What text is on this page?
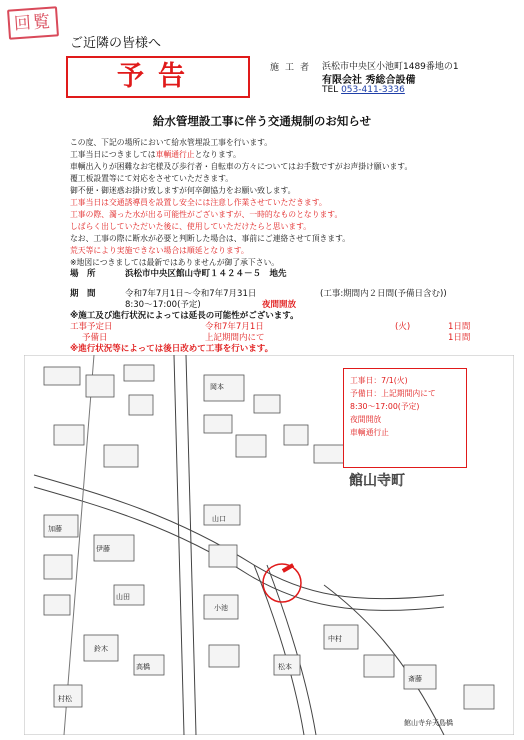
回覧
ご近隣の皆様へ
予告	施工者 浜松市中央区小池町1489番地の1
有限会社 秀総合設備
TEL 053-411-3336
給水管埋設工事に伴う交通規制のお知らせ
この度、下記の場所において給水管埋設工事を行います。
工事当日につきましては車輌通行止となります。
車輌出入りが困難なお宅様及び歩行者・自転車の方々についてはお手数ですがお声掛け願います。
覆工板設置等にて対応をさせていただきます。
御不便・御迷惑お掛け致しますが何卒御協力をお願い致します。
工事当日は交通誘導員を設置し安全には注意し作業させていただきます。
工事の際、濁った水が出る可能性がございますが、一時的なものとなります。
しばらく出していただいた後に、使用していただけたらと思います。
なお、工事の際に断水が必要と判断した場合は、事前にご連絡させて頂きます。
荒天等により実施できない場合は順延となります。
※地図につきましては最新ではありませんが御了承下さい。
場　所	浜松市中央区館山寺町１４２４－５　地先
期　間	令和7年7月1日～令和7年7月31日	(工事:期間内２日間(予備日含む))
8:30～17:00(予定)	夜間開放
※施工及び進行状況によっては延長の可能性がございます。
工事予定日	令和7年7月1日	(火)	1日間
予備日	上記期間内にて	1日間
※進行状況等によっては後日改めて工事を行います。
小池
鈴木
山口
伊藤
加藤
岡本
中村
高橋	松本
村松
斎藤
山田
館山寺弁天島橋
館山寺町
工事日：7/1(火)
予備日：上記期間内にて
8:30～17:00(予定)
夜間開放
車輌通行止
